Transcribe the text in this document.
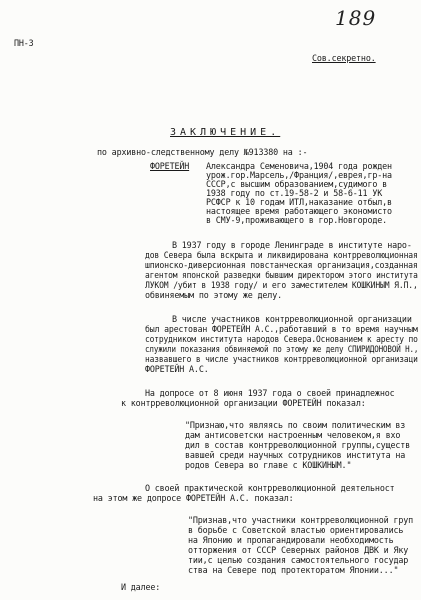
ПН-3
189
Сов.секретно.
ЗАКЛЮЧЕНИЕ.
по архивно-следственному делу №913380 на :-
ФОРЕТЕЙН Александра Семеновича,1904 года рожден
урож.гор.Марсель,/Франция/,еврея,гр-на
СССР,с высшим образованием,судимого в
1938 году по ст.19-58-2 и 58-6-11 УК
РСФСР к 10 годам ИТЛ,наказание отбыл,в
настоящее время работающего экономисто
в СМУ-9,проживающего в гор.Новгороде.
В 1937 году в городе Ленинграде в институте наро-
дов Севера была вскрыта и ликвидирована контрреволюционная
шпионско-диверсионная повстанческая организация,созданная
агентом японской разведки бывшим директором этого института
ЛУКОМ /убит в 1938 году/ и его заместителем КОШКИНЫМ Я.П.,
обвиняемым по этому же делу.
В числе участников контрреволюционной организации
был арестован ФОРЕТЕЙН А.С.,работавший в то время научным
сотрудником института народов Севера.Основанием к аресту по
служили показания обвиняемой по этому же делу СПИРИДОНОВОЙ Н.,
назвавшего в числе участников контрреволюционной организаци
ФОРЕТЕЙН А.С.
На допросе от 8 июня 1937 года о своей принадлежнос
к контрреволюционной организации ФОРЕТЕЙН показал:
"Признаю,что являясь по своим политическим вз
дам антисоветски настроенным человеком,я вхо
дил в состав контрреволюционной группы,существ
вавшей среди научных сотрудников института на
родов Севера во главе с КОШКИНЫМ."
О своей практической контрреволюционной деятельност
на этом же допросе ФОРЕТЕЙН А.С. показал:
"Признав,что участники контрреволюционной груп
в борьбе с Советской властью ориентировались
на Японию и пропагандировали необходимость
отторжения от СССР Северных районов ДВК и Яку
тии,с целью создания самостоятельного государ
ства на Севере под протекторатом Японии..."
И далее:
